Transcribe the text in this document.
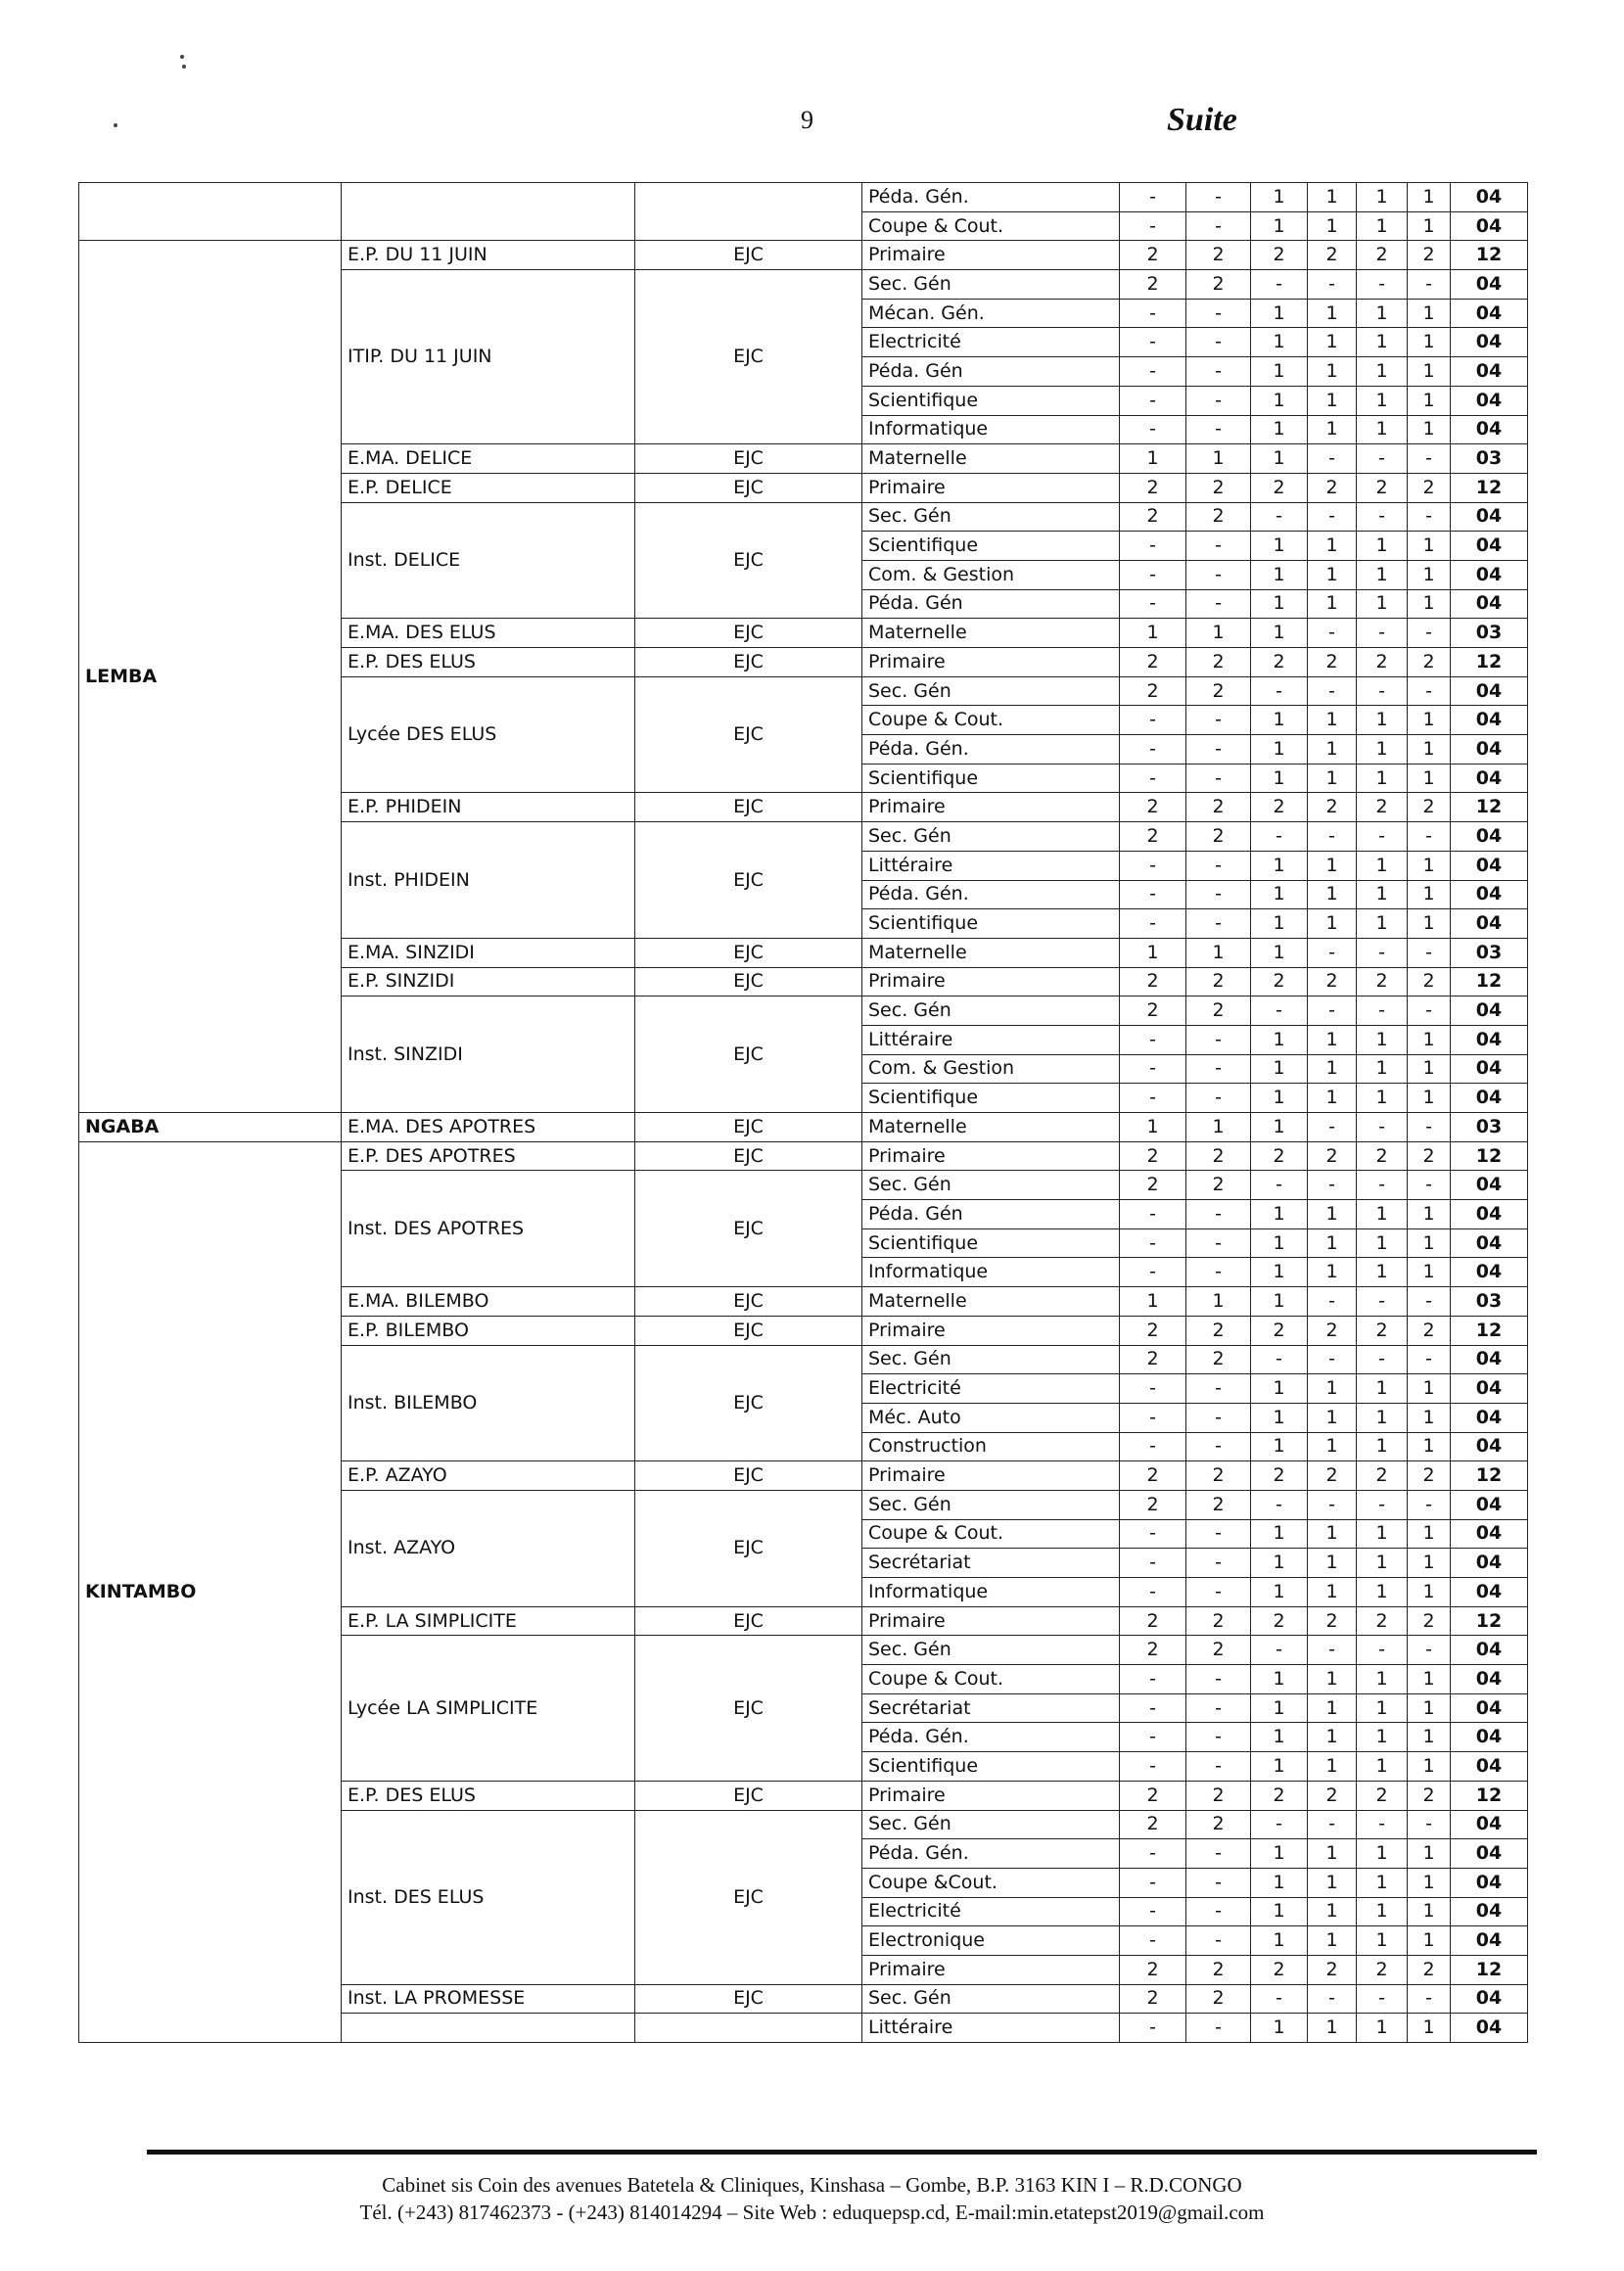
9	Suite
			Péda. Gén.	-	-	1	1	1	1	04
			Coupe & Cout.	-	-	1	1	1	1	04
LEMBA	E.P. DU 11 JUIN	EJC	Primaire	2	2	2	2	2	2	12
	ITIP. DU 11 JUIN	EJC	Sec. Gén	2	2	-	-	-	-	04
			Mécan. Gén.	-	-	1	1	1	1	04
			Electricité	-	-	1	1	1	1	04
			Péda. Gén	-	-	1	1	1	1	04
			Scientifique	-	-	1	1	1	1	04
			Informatique	-	-	1	1	1	1	04
	E.MA. DELICE	EJC	Maternelle	1	1	1	-	-	-	03
	E.P. DELICE	EJC	Primaire	2	2	2	2	2	2	12
	Inst. DELICE	EJC	Sec. Gén	2	2	-	-	-	-	04
			Scientifique	-	-	1	1	1	1	04
			Com. & Gestion	-	-	1	1	1	1	04
			Péda. Gén	-	-	1	1	1	1	04
	E.MA. DES ELUS	EJC	Maternelle	1	1	1	-	-	-	03
	E.P. DES ELUS	EJC	Primaire	2	2	2	2	2	2	12
	Lycée DES ELUS	EJC	Sec. Gén	2	2	-	-	-	-	04
			Coupe & Cout.	-	-	1	1	1	1	04
			Péda. Gén.	-	-	1	1	1	1	04
			Scientifique	-	-	1	1	1	1	04
	E.P. PHIDEIN	EJC	Primaire	2	2	2	2	2	2	12
	Inst. PHIDEIN	EJC	Sec. Gén	2	2	-	-	-	-	04
			Littéraire	-	-	1	1	1	1	04
			Péda. Gén.	-	-	1	1	1	1	04
			Scientifique	-	-	1	1	1	1	04
	E.MA. SINZIDI	EJC	Maternelle	1	1	1	-	-	-	03
	E.P. SINZIDI	EJC	Primaire	2	2	2	2	2	2	12
	Inst. SINZIDI	EJC	Sec. Gén	2	2	-	-	-	-	04
			Littéraire	-	-	1	1	1	1	04
			Com. & Gestion	-	-	1	1	1	1	04
			Scientifique	-	-	1	1	1	1	04
NGABA	E.MA. DES APOTRES	EJC	Maternelle	1	1	1	-	-	-	03
KINTAMBO	E.P. DES APOTRES	EJC	Primaire	2	2	2	2	2	2	12
	Inst. DES APOTRES	EJC	Sec. Gén	2	2	-	-	-	-	04
			Péda. Gén	-	-	1	1	1	1	04
			Scientifique	-	-	1	1	1	1	04
			Informatique	-	-	1	1	1	1	04
	E.MA. BILEMBO	EJC	Maternelle	1	1	1	-	-	-	03
	E.P. BILEMBO	EJC	Primaire	2	2	2	2	2	2	12
	Inst. BILEMBO	EJC	Sec. Gén	2	2	-	-	-	-	04
			Electricité	-	-	1	1	1	1	04
			Méc. Auto	-	-	1	1	1	1	04
			Construction	-	-	1	1	1	1	04
	E.P. AZAYO	EJC	Primaire	2	2	2	2	2	2	12
	Inst. AZAYO	EJC	Sec. Gén	2	2	-	-	-	-	04
			Coupe & Cout.	-	-	1	1	1	1	04
			Secrétariat	-	-	1	1	1	1	04
			Informatique	-	-	1	1	1	1	04
	E.P. LA SIMPLICITE	EJC	Primaire	2	2	2	2	2	2	12
	Lycée LA SIMPLICITE	EJC	Sec. Gén	2	2	-	-	-	-	04
			Coupe & Cout.	-	-	1	1	1	1	04
			Secrétariat	-	-	1	1	1	1	04
			Péda. Gén.	-	-	1	1	1	1	04
			Scientifique	-	-	1	1	1	1	04
	E.P. DES ELUS	EJC	Primaire	2	2	2	2	2	2	12
	Inst. DES ELUS	EJC	Sec. Gén	2	2	-	-	-	-	04
			Péda. Gén.	-	-	1	1	1	1	04
			Coupe &Cout.	-	-	1	1	1	1	04
			Electricité	-	-	1	1	1	1	04
			Electronique	-	-	1	1	1	1	04
			Primaire	2	2	2	2	2	2	12
	Inst. LA PROMESSE	EJC	Sec. Gén	2	2	-	-	-	-	04
			Littéraire	-	-	1	1	1	1	04
Cabinet sis Coin des avenues Batetela & Cliniques, Kinshasa – Gombe, B.P. 3163 KIN I – R.D.CONGO
Tél. (+243) 817462373 - (+243) 814014294 – Site Web : eduquepsp.cd, E-mail:min.etatepst2019@gmail.com
